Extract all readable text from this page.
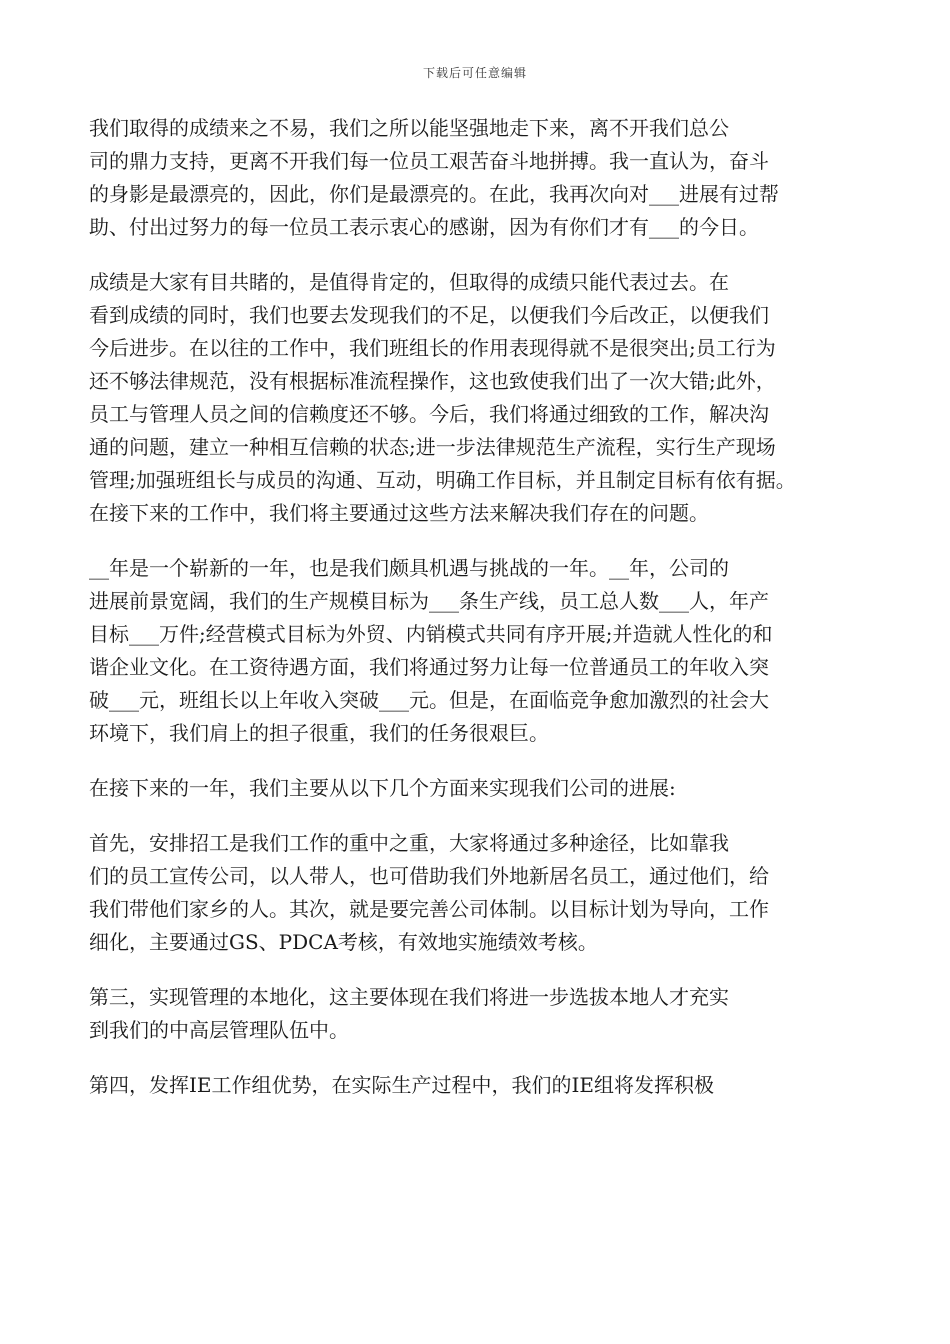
下载后可任意编辑

我们取得的成绩来之不易，我们之所以能坚强地走下来，离不开我们总公
司的鼎力支持，更离不开我们每一位员工艰苦奋斗地拼搏。我一直认为，奋斗
的身影是最漂亮的，因此，你们是最漂亮的。在此，我再次向对___进展有过帮
助、付出过努力的每一位员工表示衷心的感谢，因为有你们才有___的今日。

成绩是大家有目共睹的，是值得肯定的，但取得的成绩只能代表过去。在
看到成绩的同时，我们也要去发现我们的不足，以便我们今后改正，以便我们
今后进步。在以往的工作中，我们班组长的作用表现得就不是很突出;员工行为
还不够法律规范，没有根据标准流程操作，这也致使我们出了一次大错;此外，
员工与管理人员之间的信赖度还不够。今后，我们将通过细致的工作，解决沟
通的问题，建立一种相互信赖的状态;进一步法律规范生产流程，实行生产现场
管理;加强班组长与成员的沟通、互动，明确工作目标，并且制定目标有依有据。
在接下来的工作中，我们将主要通过这些方法来解决我们存在的问题。

__年是一个崭新的一年，也是我们颇具机遇与挑战的一年。__年，公司的
进展前景宽阔，我们的生产规模目标为___条生产线，员工总人数___人，年产
目标___万件;经营模式目标为外贸、内销模式共同有序开展;并造就人性化的和
谐企业文化。在工资待遇方面，我们将通过努力让每一位普通员工的年收入突
破___元，班组长以上年收入突破___元。但是，在面临竞争愈加激烈的社会大
环境下，我们肩上的担子很重，我们的任务很艰巨。

在接下来的一年，我们主要从以下几个方面来实现我们公司的进展:

首先，安排招工是我们工作的重中之重，大家将通过多种途径，比如靠我
们的员工宣传公司，以人带人，也可借助我们外地新居名员工，通过他们，给
我们带他们家乡的人。其次，就是要完善公司体制。以目标计划为导向，工作
细化，主要通过GS、PDCA考核，有效地实施绩效考核。

第三，实现管理的本地化，这主要体现在我们将进一步选拔本地人才充实
到我们的中高层管理队伍中。

第四，发挥IE工作组优势，在实际生产过程中，我们的IE组将发挥积极
